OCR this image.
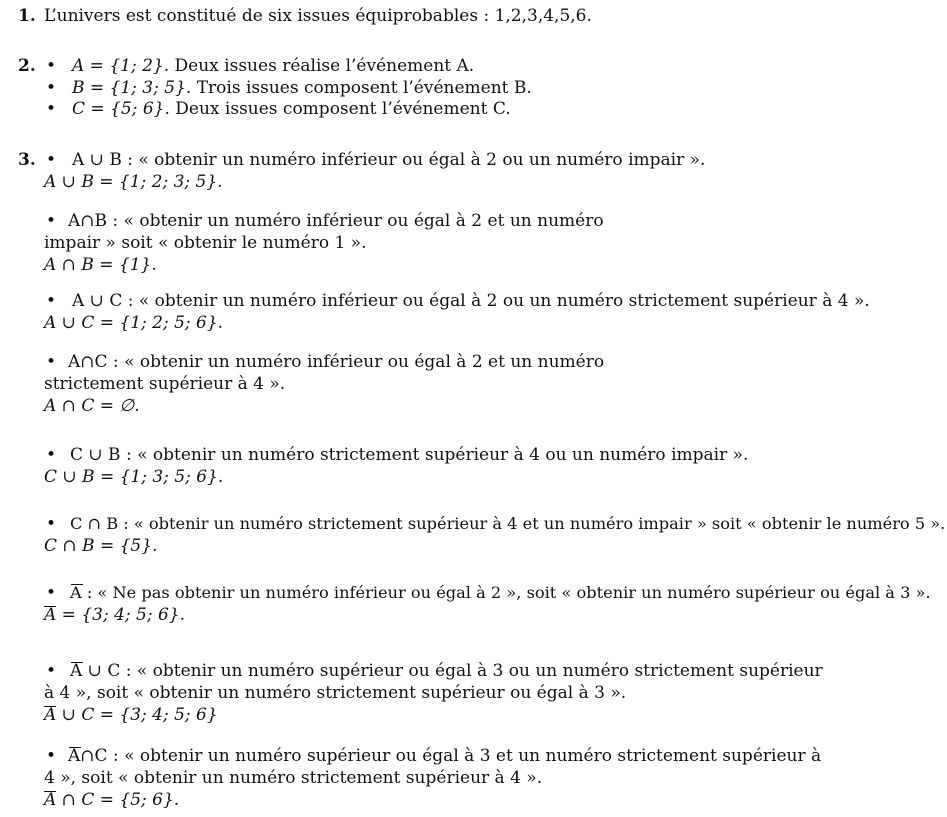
1. L’univers est constitué de six issues équiprobables : 1,2,3,4,5,6.
2. • A = {1; 2}. Deux issues réalise l’événement A.
•
B = {1; 3; 5}. Trois issues composent l’événement B.
•
C = {5; 6}. Deux issues composent l’événement C.
3. • A ∪ B : « obtenir un numéro inférieur ou égal à 2 ou un numéro impair ».
A ∪ B = {1; 2; 3; 5}.
•
A∩B : « obtenir un numéro inférieur ou égal à 2 et un numéro
impair » soit « obtenir le numéro 1 ».
A ∩ B = {1}.
•
A ∪ C : « obtenir un numéro inférieur ou égal à 2 ou un numéro strictement supérieur à 4 ».
A ∪ C = {1; 2; 5; 6}.
•
A∩C : « obtenir un numéro inférieur ou égal à 2 et un numéro
strictement supérieur à 4 ».
A ∩ C = ∅.
•
C ∪ B : « obtenir un numéro strictement supérieur à 4 ou un numéro impair ».
C ∪ B = {1; 3; 5; 6}.
•
C ∩ B : « obtenir un numéro strictement supérieur à 4 et un numéro impair » soit « obtenir le numéro 5 ».
C ∩ B = {5}.
•
A : « Ne pas obtenir un numéro inférieur ou égal à 2 », soit « obtenir un numéro supérieur ou égal à 3 ».
A = {3; 4; 5; 6}.
•
A ∪ C : « obtenir un numéro supérieur ou égal à 3 ou un numéro strictement supérieur
à 4 », soit « obtenir un numéro strictement supérieur ou égal à 3 ».
A ∪ C = {3; 4; 5; 6}
•
A∩C : « obtenir un numéro supérieur ou égal à 3 et un numéro strictement supérieur à
4 », soit « obtenir un numéro strictement supérieur à 4 ».
A ∩ C = {5; 6}.
